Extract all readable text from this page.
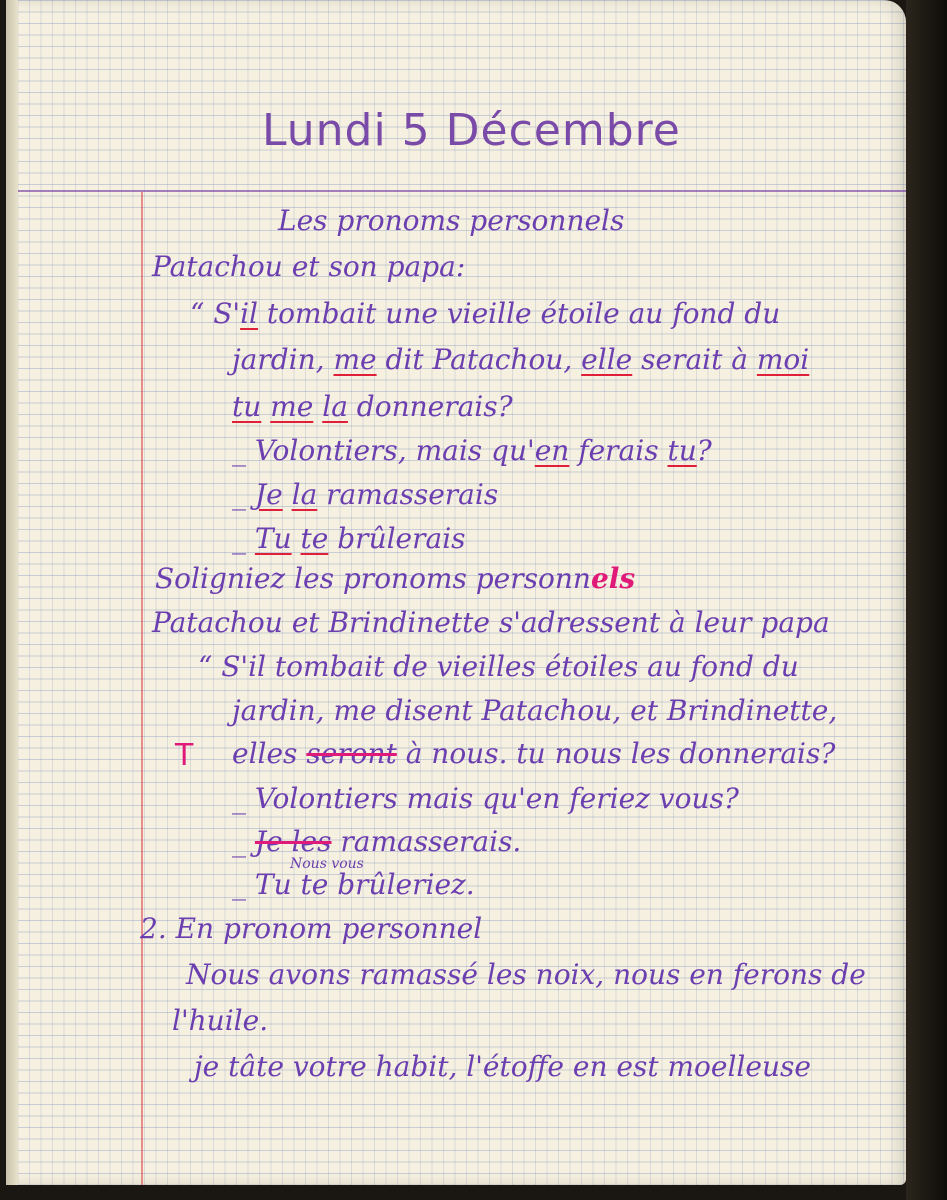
Lundi 5 Décembre
Les pronoms personnels
Patachou et son papa:
“ S'il tombait une vieille étoile au fond du
jardin, me dit Patachou, elle serait à moi
tu me la donnerais?
_ Volontiers, mais qu'en ferais tu?
_ Je la ramasserais
_ Tu te brûlerais
Soligniez les pronoms personnels
Patachou et Brindinette s'adressent à leur papa
“ S'il tombait de vieilles étoiles au fond du
jardin, me disent Patachou, et Brindinette,
T elles seront à nous. tu nous les donnerais?
_ Volontiers mais qu'en feriez vous?
_ Je les ramasserais.
Nous vous
_ Tu te brûleriez.
2. En pronom personnel
Nous avons ramassé les noix, nous en ferons de
l'huile.
je tâte votre habit, l'étoffe en est moelleuse
